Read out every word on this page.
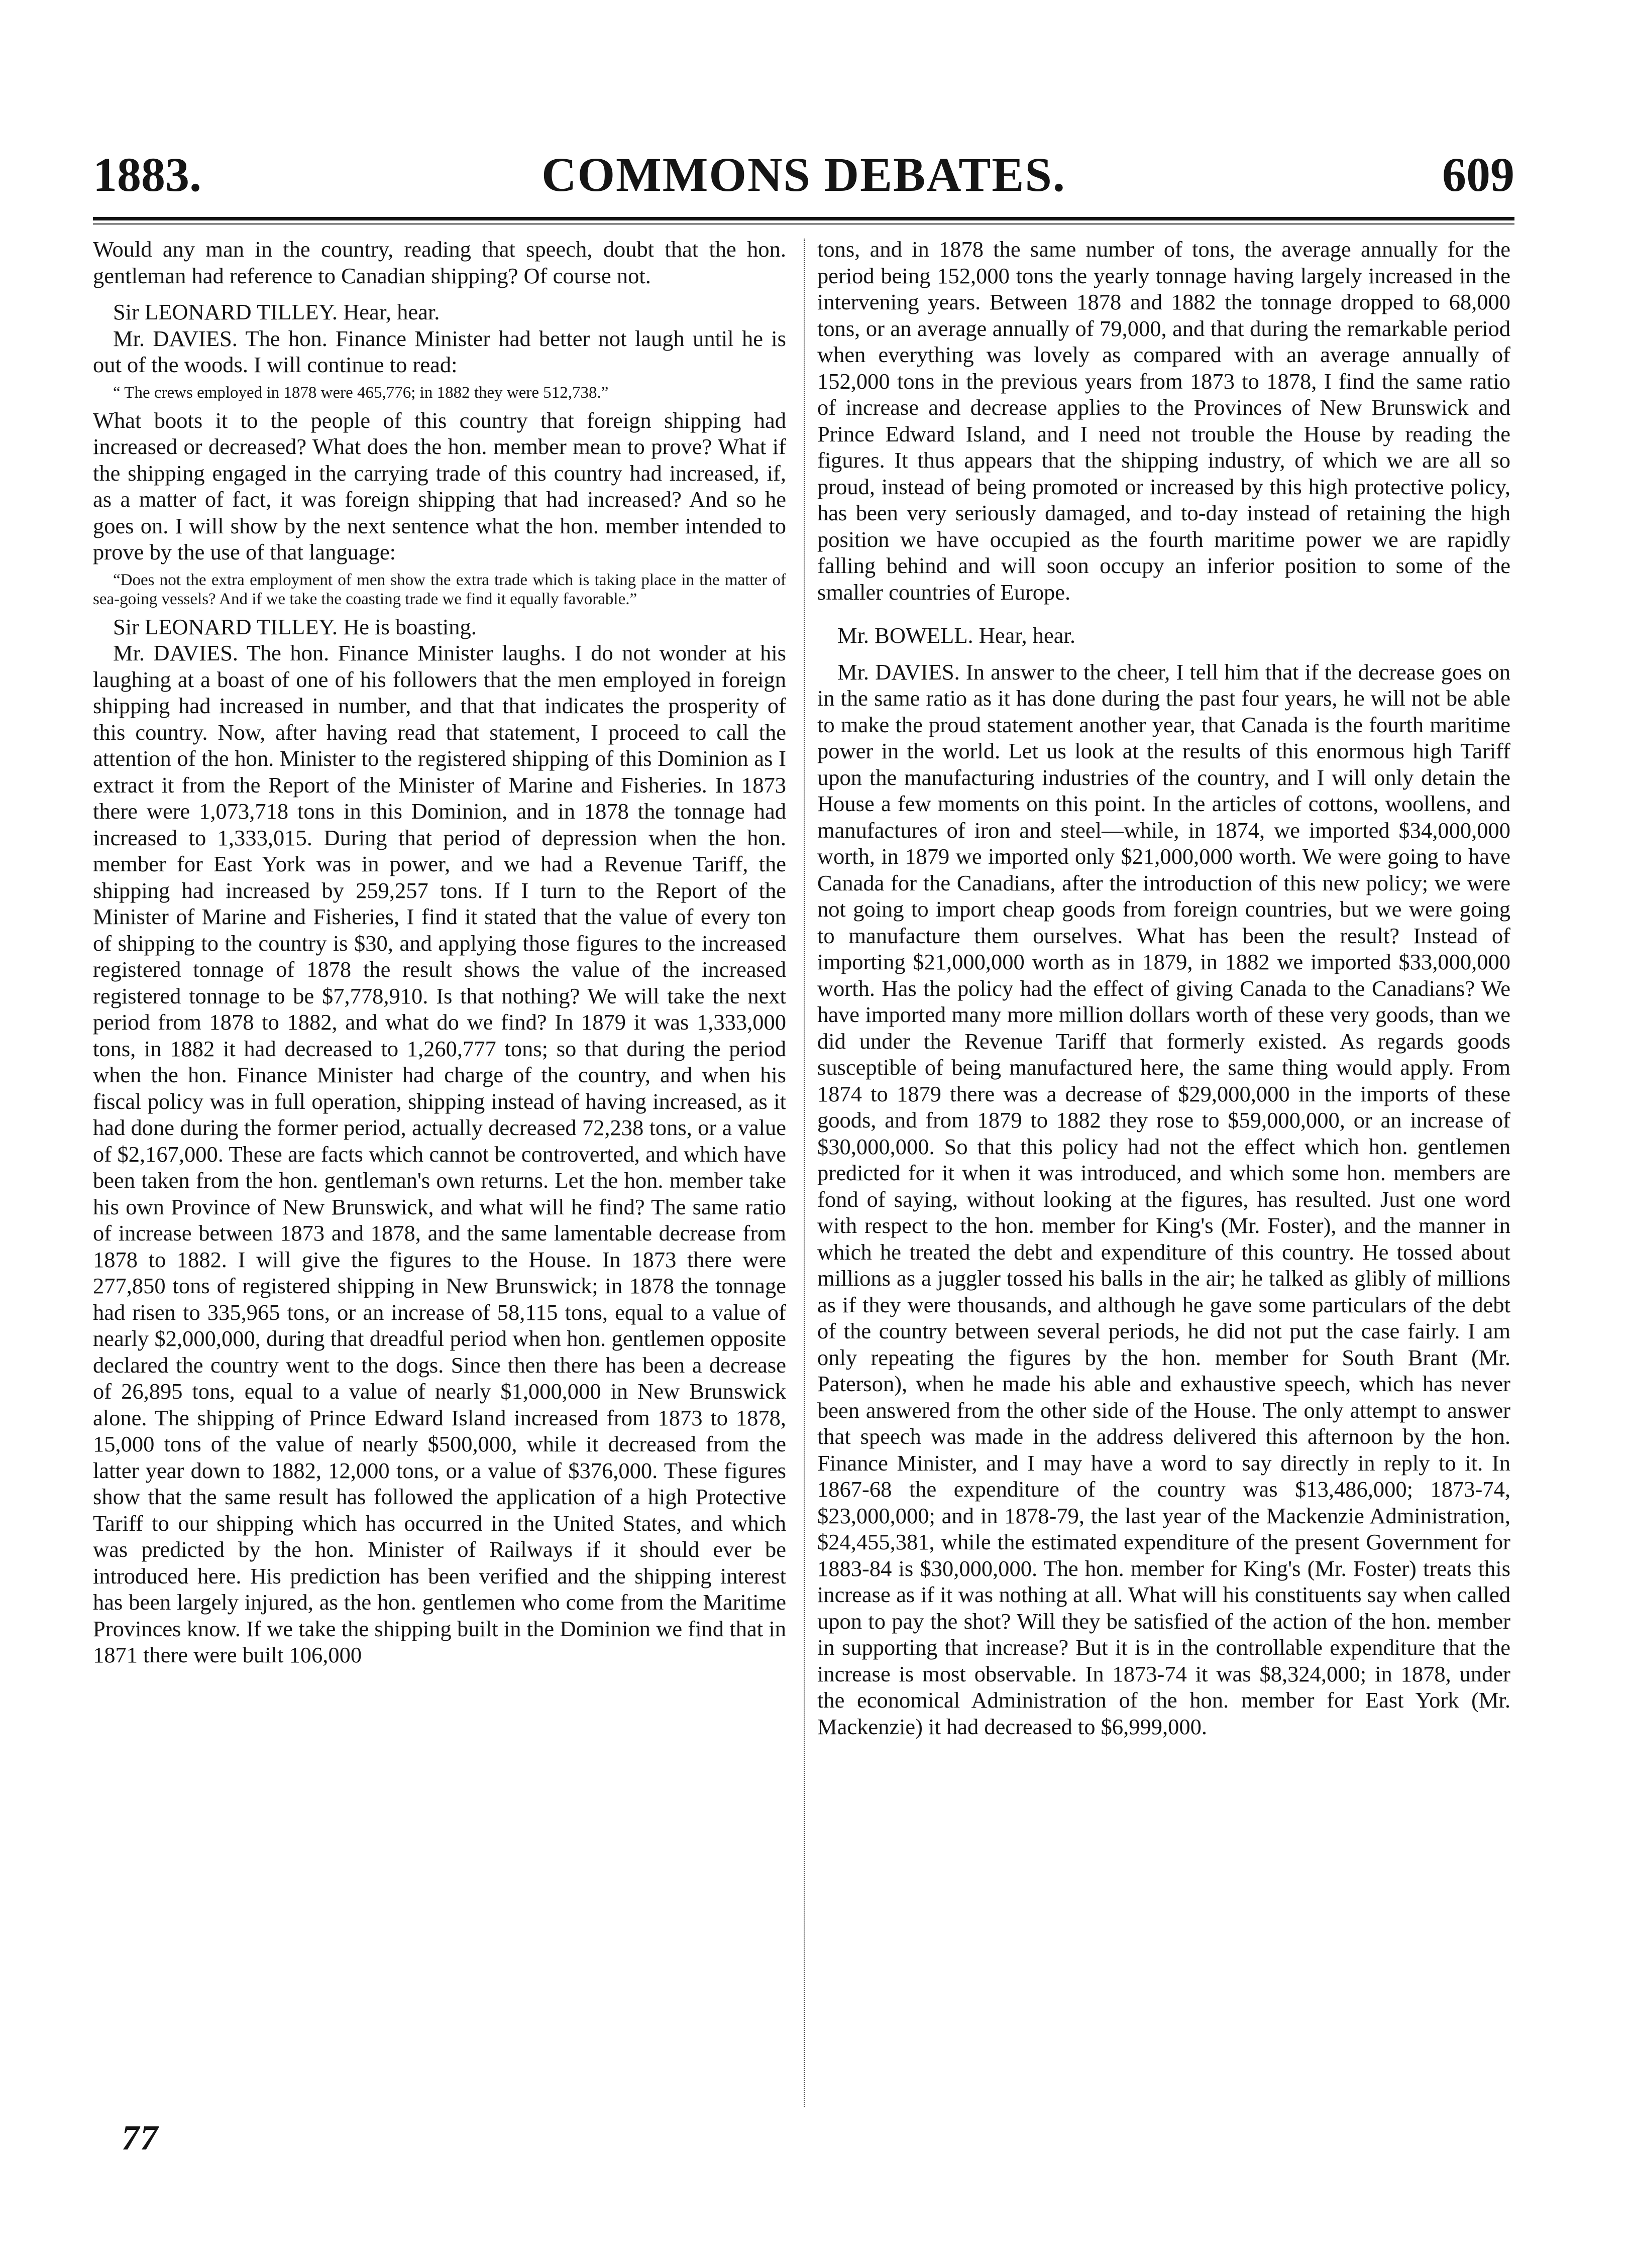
1883.	COMMONS DEBATES.	609

Would any man in the country, reading that speech, doubt that the hon. gentleman had reference to Canadian shipping? Of course not.

Sir LEONARD TILLEY. Hear, hear.

Mr. DAVIES. The hon. Finance Minister had better not laugh until he is out of the woods. I will continue to read:

“ The crews employed in 1878 were 465,776; in 1882 they were 512,738.”

What boots it to the people of this country that foreign shipping had increased or decreased? What does the hon. member mean to prove? What if the shipping engaged in the carrying trade of this country had increased, if, as a matter of fact, it was foreign shipping that had increased? And so he goes on. I will show by the next sentence what the hon. member intended to prove by the use of that language:

“Does not the extra employment of men show the extra trade which is taking place in the matter of sea-going vessels? And if we take the coasting trade we find it equally favorable.”

Sir LEONARD TILLEY. He is boasting.

Mr. DAVIES. The hon. Finance Minister laughs. I do not wonder at his laughing at a boast of one of his followers that the men employed in foreign shipping had increased in number, and that that indicates the prosperity of this country. Now, after having read that statement, I proceed to call the attention of the hon. Minister to the registered shipping of this Dominion as I extract it from the Report of the Minister of Marine and Fisheries. In 1873 there were 1,073,718 tons in this Dominion, and in 1878 the tonnage had increased to 1,333,015. During that period of depression when the hon. member for East York was in power, and we had a Revenue Tariff, the shipping had increased by 259,257 tons. If I turn to the Report of the Minister of Marine and Fisheries, I find it stated that the value of every ton of shipping to the country is $30, and applying those figures to the increased registered tonnage of 1878 the result shows the value of the increased registered tonnage to be $7,778,910. Is that nothing? We will take the next period from 1878 to 1882, and what do we find? In 1879 it was 1,333,000 tons, in 1882 it had decreased to 1,260,777 tons; so that during the period when the hon. Finance Minister had charge of the country, and when his fiscal policy was in full operation, shipping instead of having increased, as it had done during the former period, actually decreased 72,238 tons, or a value of $2,167,000. These are facts which cannot be controverted, and which have been taken from the hon. gentleman's own returns. Let the hon. member take his own Province of New Brunswick, and what will he find? The same ratio of increase between 1873 and 1878, and the same lamentable decrease from 1878 to 1882. I will give the figures to the House. In 1873 there were 277,850 tons of registered shipping in New Brunswick; in 1878 the tonnage had risen to 335,965 tons, or an increase of 58,115 tons, equal to a value of nearly $2,000,000, during that dreadful period when hon. gentlemen opposite declared the country went to the dogs. Since then there has been a decrease of 26,895 tons, equal to a value of nearly $1,000,000 in New Brunswick alone. The shipping of Prince Edward Island increased from 1873 to 1878, 15,000 tons of the value of nearly $500,000, while it decreased from the latter year down to 1882, 12,000 tons, or a value of $376,000. These figures show that the same result has followed the application of a high Protective Tariff to our shipping which has occurred in the United States, and which was predicted by the hon. Minister of Railways if it should ever be introduced here. His prediction has been verified and the shipping interest has been largely injured, as the hon. gentlemen who come from the Maritime Provinces know. If we take the shipping built in the Dominion we find that in 1871 there were built 106,000

tons, and in 1878 the same number of tons, the average annually for the period being 152,000 tons the yearly tonnage having largely increased in the intervening years. Between 1878 and 1882 the tonnage dropped to 68,000 tons, or an average annually of 79,000, and that during the remarkable period when everything was lovely as compared with an average annually of 152,000 tons in the previous years from 1873 to 1878, I find the same ratio of increase and decrease applies to the Provinces of New Brunswick and Prince Edward Island, and I need not trouble the House by reading the figures. It thus appears that the shipping industry, of which we are all so proud, instead of being promoted or increased by this high protective policy, has been very seriously damaged, and to-day instead of retaining the high position we have occupied as the fourth maritime power we are rapidly falling behind and will soon occupy an inferior position to some of the smaller countries of Europe.

Mr. BOWELL. Hear, hear.

Mr. DAVIES. In answer to the cheer, I tell him that if the decrease goes on in the same ratio as it has done during the past four years, he will not be able to make the proud statement another year, that Canada is the fourth maritime power in the world. Let us look at the results of this enormous high Tariff upon the manufacturing industries of the country, and I will only detain the House a few moments on this point. In the articles of cottons, woollens, and manufactures of iron and steel—while, in 1874, we imported $34,000,000 worth, in 1879 we imported only $21,000,000 worth. We were going to have Canada for the Canadians, after the introduction of this new policy; we were not going to import cheap goods from foreign countries, but we were going to manufacture them ourselves. What has been the result? Instead of importing $21,000,000 worth as in 1879, in 1882 we imported $33,000,000 worth. Has the policy had the effect of giving Canada to the Canadians? We have imported many more million dollars worth of these very goods, than we did under the Revenue Tariff that formerly existed. As regards goods susceptible of being manufactured here, the same thing would apply. From 1874 to 1879 there was a decrease of $29,000,000 in the imports of these goods, and from 1879 to 1882 they rose to $59,000,000, or an increase of $30,000,000. So that this policy had not the effect which hon. gentlemen predicted for it when it was introduced, and which some hon. members are fond of saying, without looking at the figures, has resulted. Just one word with respect to the hon. member for King's (Mr. Foster), and the manner in which he treated the debt and expenditure of this country. He tossed about millions as a juggler tossed his balls in the air; he talked as glibly of millions as if they were thousands, and although he gave some particulars of the debt of the country between several periods, he did not put the case fairly. I am only repeating the figures by the hon. member for South Brant (Mr. Paterson), when he made his able and exhaustive speech, which has never been answered from the other side of the House. The only attempt to answer that speech was made in the address delivered this afternoon by the hon. Finance Minister, and I may have a word to say directly in reply to it. In 1867-68 the expenditure of the country was $13,486,000; 1873-74, $23,000,000; and in 1878-79, the last year of the Mackenzie Administration, $24,455,381, while the estimated expenditure of the present Government for 1883-84 is $30,000,000. The hon. member for King's (Mr. Foster) treats this increase as if it was nothing at all. What will his constituents say when called upon to pay the shot? Will they be satisfied of the action of the hon. member in supporting that increase? But it is in the controllable expenditure that the increase is most observable. In 1873-74 it was $8,324,000; in 1878, under the economical Administration of the hon. member for East York (Mr. Mackenzie) it had decreased to $6,999,000.

77
